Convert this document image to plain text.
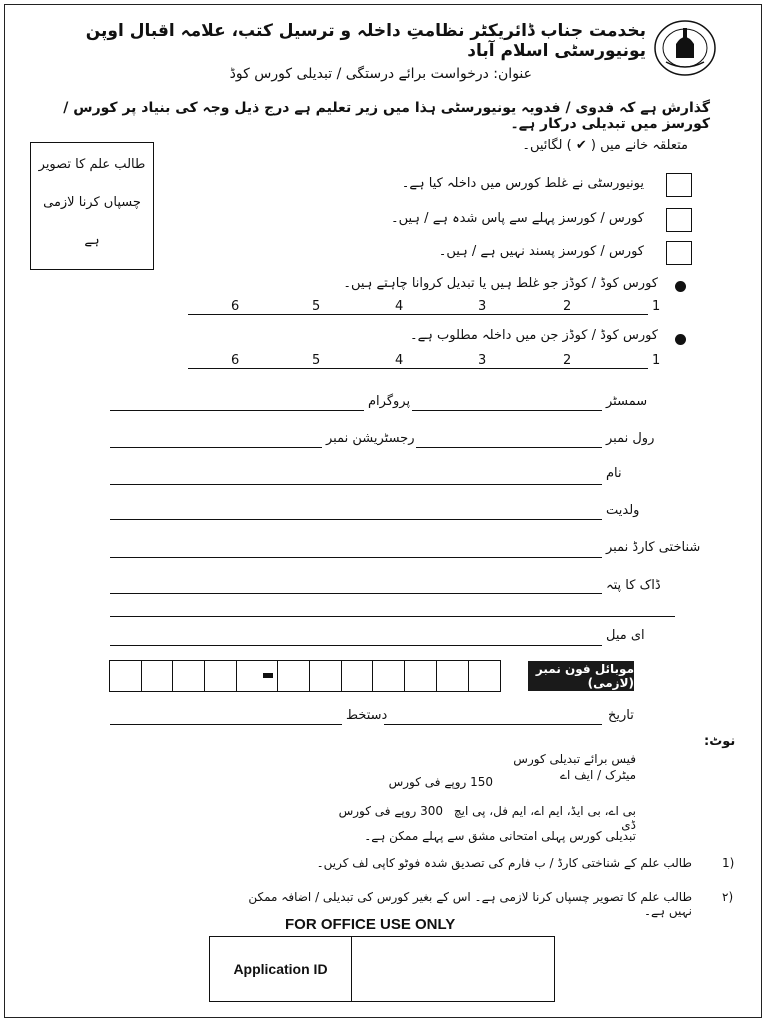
بخدمت جناب ڈائریکٹر نظامتِ داخلہ و ترسیل کتب، علامہ اقبال اوپن یونیورسٹی اسلام آباد
عنوان: درخواست برائے درستگی / تبدیلی کورس کوڈ
گذارش ہے کہ فدوی / فدویہ یونیورسٹی ہذا میں زیر تعلیم ہے درج ذیل وجہ کی بنیاد پر کورس / کورسز میں تبدیلی درکار ہے۔
متعلقہ خانے میں ( ✔ ) لگائیں۔
طالب علم کا تصویر
چسپاں کرنا لازمی
ہے
یونیورسٹی نے غلط کورس میں داخلہ کیا ہے۔
کورس / کورسز پہلے سے پاس شدہ ہے / ہیں۔
کورس / کورسز پسند نہیں ہے / ہیں۔
کورس کوڈ / کوڈز جو غلط ہیں یا تبدیل کروانا چاہتے ہیں۔
6	5	4	3	2	1
کورس کوڈ / کوڈز جن میں داخلہ مطلوب ہے۔
6	5	4	3	2	1
پروگرام	سمسٹر
رجسٹریشن نمبر	رول نمبر
نام
ولدیت
شناختی کارڈ نمبر
ڈاک کا پتہ
ای میل
موبائل فون نمبر (لازمی)
دستخط	تاریخ
نوٹ:
فیس برائے تبدیلی کورس
میٹرک / ایف اے
150 روپے فی کورس
بی اے، بی ایڈ، ایم اے، ایم فل، پی ایچ ڈی
300 روپے فی کورس
تبدیلی کورس پہلی امتحانی مشق سے پہلے ممکن ہے۔
1)
طالب علم کے شناختی کارڈ / ب فارم کی تصدیق شدہ فوٹو کاپی لف کریں۔
۲)
طالب علم کا تصویر چسپاں کرنا لازمی ہے۔ اس کے بغیر کورس کی تبدیلی / اضافہ ممکن نہیں ہے۔
FOR OFFICE USE ONLY
Application ID
